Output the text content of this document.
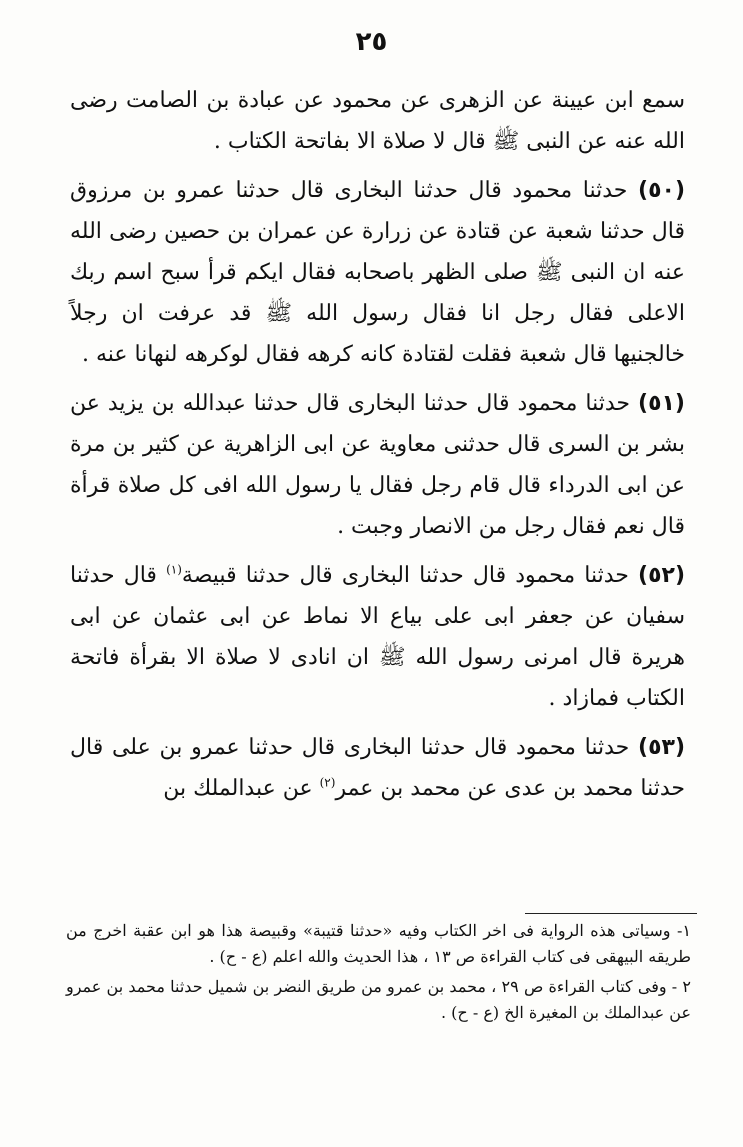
٢٥

سمع ابن عيينة عن الزهرى عن محمود عن عبادة بن الصامت رضى الله عنه عن النبى ﷺ قال لا صلاة الا بفاتحة الكتاب .

(٥٠) حدثنا محمود قال حدثنا البخارى قال حدثنا عمرو بن مرزوق قال حدثنا شعبة عن قتادة عن زرارة عن عمران بن حصين رضى الله عنه ان النبى ﷺ صلى الظهر باصحابه فقال ايكم قرأ سبح اسم ربك الاعلى فقال رجل انا فقال رسول الله ﷺ قد عرفت ان رجلاً خالجنيها قال شعبة فقلت لقتادة كانه كرهه فقال لوكرهه لنهانا عنه .

(٥١) حدثنا محمود قال حدثنا البخارى قال حدثنا عبدالله بن يزيد عن بشر بن السرى قال حدثنى معاوية عن ابى الزاهرية عن كثير بن مرة عن ابى الدرداء قال قام رجل فقال يا رسول الله افى كل صلاة قرأة قال نعم فقال رجل من الانصار وجبت .

(٥٢) حدثنا محمود قال حدثنا البخارى قال حدثنا قبيصة$^{(١)}$ قال حدثنا سفيان عن جعفر ابى على بياع الا نماط عن ابى عثمان عن ابى هريرة قال امرنى رسول الله ﷺ ان انادى لا صلاة الا بقرأة فاتحة الكتاب فمازاد .

(٥٣) حدثنا محمود قال حدثنا البخارى قال حدثنا عمرو بن على قال حدثنا محمد بن عدى عن محمد بن عمر$^{(٢)}$ عن عبدالملك بن

١- وسياتى هذه الرواية فى اخر الكتاب وفيه «حدثنا قتيبة» وقبيصة هذا هو ابن عقبة اخرج من طريقه البيهقى فى كتاب القراءة ص ١٣ ، هذا الحديث والله اعلم (ع - ح) .

٢ - وفى كتاب القراءة ص ٢٩ ، محمد بن عمرو من طريق النضر بن شميل حدثنا محمد بن عمرو عن عبدالملك بن المغيرة الخ (ع - ح) .
